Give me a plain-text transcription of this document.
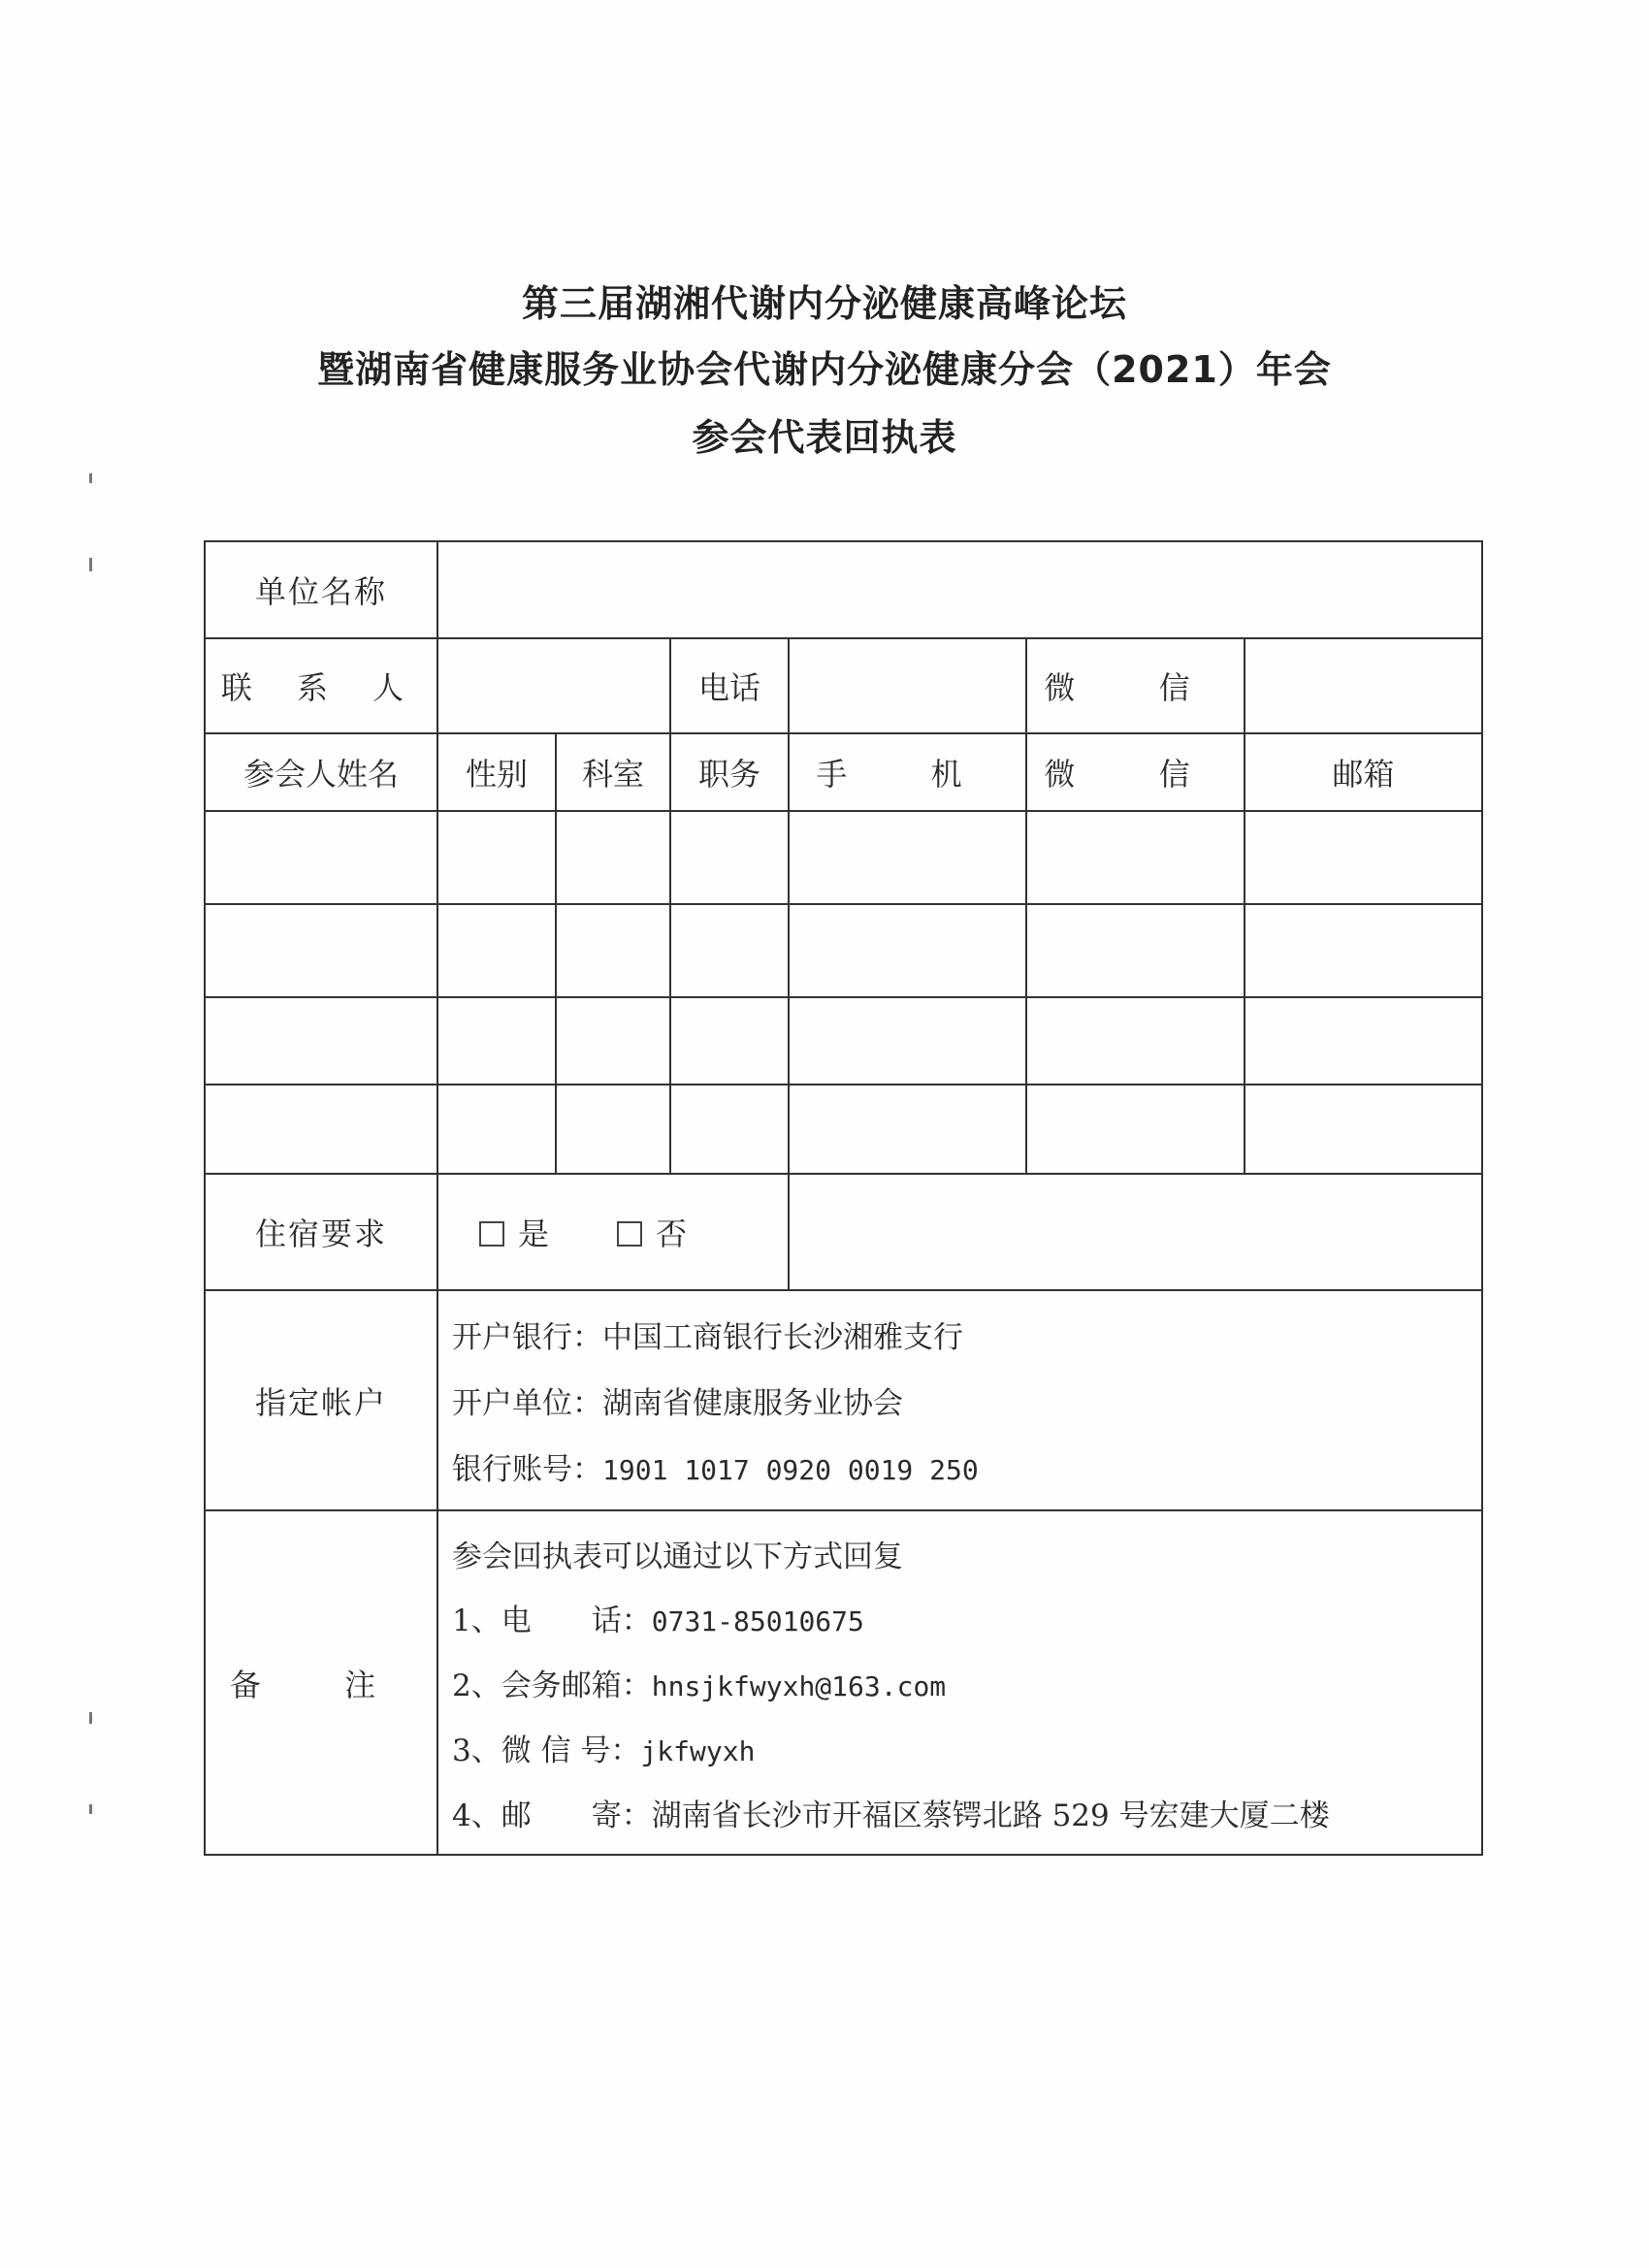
第三届湖湘代谢内分泌健康高峰论坛
暨湖南省健康服务业协会代谢内分泌健康分会（2021）年会
参会代表回执表
单位名称						
联 系 人			电话		微 信	
参会人姓名	性别	科室	职务	手 机	微 信	邮箱

住宿要求	是 否					
指定帐户	开户银行：中国工商银行长沙湘雅支行
开户单位：湖南省健康服务业协会
银行账号：1901 1017 0920 0019 250					

备 注	参会回执表可以通过以下方式回复
1、电　　话：0731-85010675
2、会务邮箱：hnsjkfwyxh@163.com
3、微 信 号：jkfwyxh
4、邮　　寄：湖南省长沙市开福区蔡锷北路 529 号宏建大厦二楼					
